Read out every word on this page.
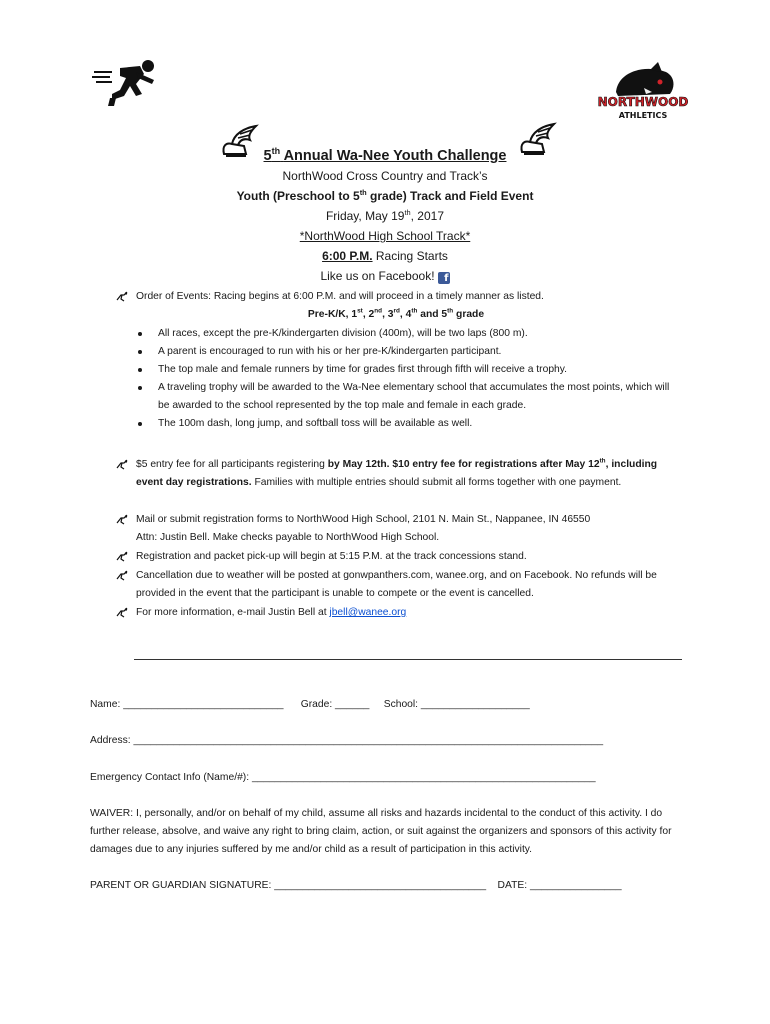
NORTHWOOD
ATHLETICS
5th Annual Wa-Nee Youth Challenge
NorthWood Cross Country and Track’s
Youth (Preschool to 5th grade) Track and Field Event
Friday, May 19th, 2017
*NorthWood High School Track*
6:00 P.M. Racing Starts
Like us on Facebook! f
Order of Events: Racing begins at 6:00 P.M. and will proceed in a timely manner as listed.
Pre-K/K, 1st, 2nd, 3rd, 4th and 5th grade
All races, except the pre-K/kindergarten division (400m), will be two laps (800 m).
A parent is encouraged to run with his or her pre-K/kindergarten participant.
The top male and female runners by time for grades first through fifth will receive a trophy.
A traveling trophy will be awarded to the Wa-Nee elementary school that accumulates the most points, which will be awarded to the school represented by the top male and female in each grade.
The 100m dash, long jump, and softball toss will be available as well.
$5 entry fee for all participants registering by May 12th. $10 entry fee for registrations after May 12th, including event day registrations. Families with multiple entries should submit all forms together with one payment.
Mail or submit registration forms to NorthWood High School, 2101 N. Main St., Nappanee, IN 46550
Attn: Justin Bell. Make checks payable to NorthWood High School.
Registration and packet pick-up will begin at 5:15 P.M. at the track concessions stand.
Cancellation due to weather will be posted at gonwpanthers.com, wanee.org, and on Facebook. No refunds will be provided in the event that the participant is unable to compete or the event is cancelled.
For more information, e-mail Justin Bell at jbell@wanee.org
Name: ____________________________      Grade: ______     School: ___________________
Address: __________________________________________________________________________________
Emergency Contact Info (Name/#): ____________________________________________________________
WAIVER: I, personally, and/or on behalf of my child, assume all risks and hazards incidental to the conduct of this activity. I do further release, absolve, and waive any right to bring claim, action, or suit against the organizers and sponsors of this activity for damages due to any injuries suffered by me and/or child as a result of participation in this activity.
PARENT OR GUARDIAN SIGNATURE: _____________________________________    DATE: ________________
